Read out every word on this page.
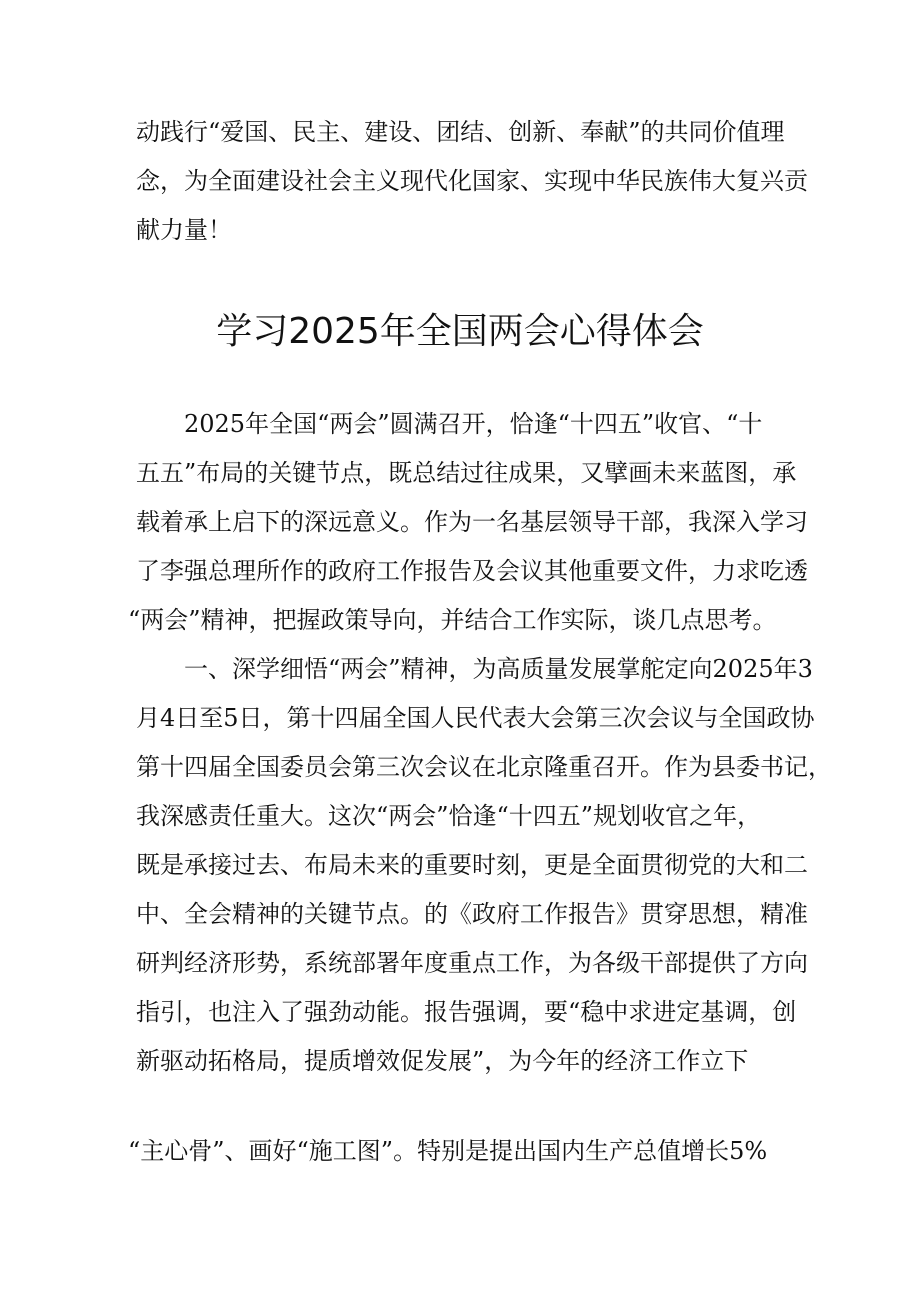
动践行“爱国、民主、建设、团结、创新、奉献”的共同价值理
念，为全面建设社会主义现代化国家、实现中华民族伟大复兴贡
献力量！
学习2025年全国两会心得体会
2025年全国“两会”圆满召开，恰逢“十四五”收官、“十
五五”布局的关键节点，既总结过往成果，又擘画未来蓝图，承
载着承上启下的深远意义。作为一名基层领导干部，我深入学习
了李强总理所作的政府工作报告及会议其他重要文件，力求吃透
“两会”精神，把握政策导向，并结合工作实际，谈几点思考。
一、深学细悟“两会”精神，为高质量发展掌舵定向2025年3
月4日至5日，第十四届全国人民代表大会第三次会议与全国政协
第十四届全国委员会第三次会议在北京隆重召开。作为县委书记，
我深感责任重大。这次“两会”恰逢“十四五”规划收官之年，
既是承接过去、布局未来的重要时刻，更是全面贯彻党的大和二
中、全会精神的关键节点。的《政府工作报告》贯穿思想，精准
研判经济形势，系统部署年度重点工作，为各级干部提供了方向
指引，也注入了强劲动能。报告强调，要“稳中求进定基调，创
新驱动拓格局，提质增效促发展”，为今年的经济工作立下
“主心骨”、画好“施工图”。特别是提出国内生产总值增长5%
